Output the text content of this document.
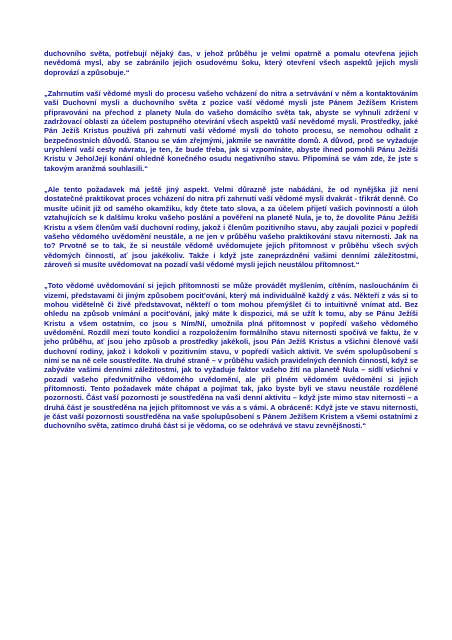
duchovního světa, potřebují nějaký čas, v jehož průběhu je velmi opatrně a pomalu otevřena jejich nevědomá mysl, aby se zabránilo jejich osudovému šoku, který otevření všech aspektů jejich mysli doprovází a způsobuje.“

„Zahrnutím vaší vědomé mysli do procesu vašeho vcházení do nitra a setrvávání v něm a kontaktováním vaší Duchovní mysli a duchovního světa z pozice vaší vědomé mysli jste Pánem Ježíšem Kristem připravováni na přechod z planety Nula do vašeho domácího světa tak, abyste se vyhnuli zdržení v zadržovací oblasti za účelem postupného otevírání všech aspektů vaší nevědomé mysli. Prostředky, jaké Pán Ježíš Kristus používá při zahrnutí vaší vědomé mysli do tohoto procesu, se nemohou odhalit z bezpečnostních důvodů. Stanou se vám zřejmými, jakmile se navrátíte domů. A důvod, proč se vyžaduje urychlení vaší cesty návratu, je ten, že bude třeba, jak si vzpomínáte, abyste ihned pomohli Pánu Ježíši Kristu v Jeho/Její konání ohledně konečného osudu negativního stavu. Připomíná se vám zde, že jste s takovým aranžmá souhlasili.“

„Ale tento požadavek má ještě jiný aspekt. Velmi důrazně jste nabádáni, že od nynějška již není dostatečné praktikovat proces vcházení do nitra při zahrnutí vaší vědomé mysli dvakrát - třikrát denně. Co musíte učinit již od samého okamžiku, kdy čtete tato slova, a za účelem přijetí vašich povinností a úloh vztahujících se k dalšímu kroku vašeho poslání a pověření na planetě Nula, je to, že dovolíte Pánu Ježíši Kristu a všem členům vaší duchovní rodiny, jakož i členům pozitivního stavu, aby zaujali pozici v popředí vašeho vědomého uvědomění neustále, a ne jen v průběhu vašeho praktikování stavu niternosti. Jak na to? Prvotně se to tak, že si neustále vědomě uvědomujete jejich přítomnost v průběhu všech svých vědomých činností, ať jsou jakékoliv. Takže i když jste zaneprázdněni vašimi denními záležitostmi, zároveň si musíte uvědomovat na pozadí vaší vědomé mysli jejich neustálou přítomnost.“

„Toto vědomé uvědomování si jejich přítomnosti se může provádět myšlením, cítěním, nasloucháním či vizemi, představami či jiným způsobem pocit'ování, který má individuálně každý z vás. Někteří z vás si to mohou vidětelně či živě představovat, někteří o tom mohou přemýšlet či to intuitivně vnímat atd. Bez ohledu na způsob vnímání a pocit'ování, jaký máte k dispozici, má se užít k tomu, aby se Pánu Ježíši Kristu a všem ostatním, co jsou s Ním/Ní, umožnila plná přítomnost v popředí vašeho vědomého uvědomění. Rozdíl mezi touto kondicí a rozpoložením formálního stavu niternosti spočívá ve faktu, že v jeho průběhu, ať jsou jeho způsob a prostředky jakékoli, jsou Pán Ježíš Kristus a všichni členové vaší duchovní rodiny, jakož i kdokoli v pozitivním stavu, v popředí vašich aktivit. Ve svém spolupůsobení s nimi se na ně cele soustředíte. Na druhé straně – v průběhu vašich pravidelných denních činností, když se zabýváte vašimi denními záležitostmi, jak to vyžaduje faktor vašeho žití na planetě Nula – sídlí všichni v pozadí vašeho předvnitřního vědomého uvědomění, ale při plném vědomém uvědomění si jejich přítomnosti. Tento požadavek máte chápat a pojímat tak, jako byste byli ve stavu neustále rozdělené pozornosti. Část vaší pozornosti je soustředěna na vaši denní aktivitu – když jste mimo stav niternosti – a druhá část je soustředěna na jejich přítomnost ve vás a s vámi. A obráceně: Když jste ve stavu niternosti, je část vaší pozornosti soustředěna na vaše spolupůsobení s Pánem Ježíšem Kristem a všemi ostatními z duchovního světa, zatímco druhá část si je vědoma, co se odehrává ve stavu zevnějšnosti.“
